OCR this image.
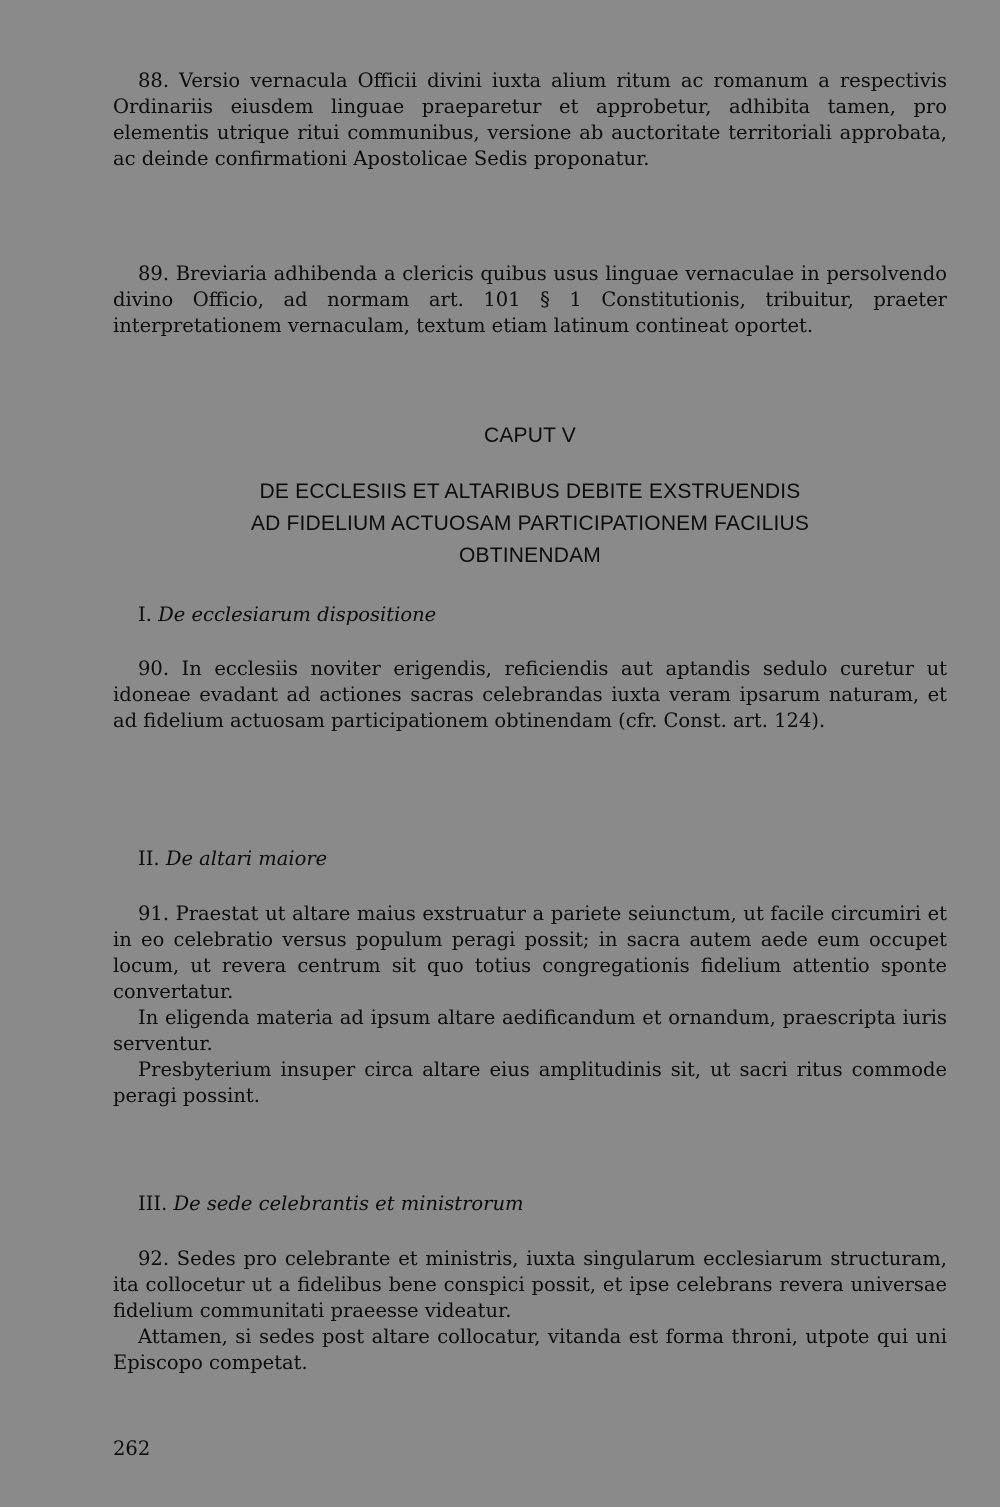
88. Versio vernacula Officii divini iuxta alium ritum ac romanum a respectivis Ordinariis eiusdem linguae praeparetur et approbetur, adhibita tamen, pro elementis utrique ritui communibus, versione ab auctoritate territoriali approbata, ac deinde confirmationi Apostolicae Sedis proponatur.

89. Breviaria adhibenda a clericis quibus usus linguae vernaculae in persolvendo divino Officio, ad normam art. 101 § 1 Constitutionis, tribuitur, praeter interpretationem vernaculam, textum etiam latinum contineat oportet.

CAPUT V
DE ECCLESIIS ET ALTARIBUS DEBITE EXSTRUENDIS
AD FIDELIUM ACTUOSAM PARTICIPATIONEM FACILIUS
OBTINENDAM
I. De ecclesiarum dispositione

90. In ecclesiis noviter erigendis, reficiendis aut aptandis sedulo curetur ut idoneae evadant ad actiones sacras celebrandas iuxta veram ipsarum naturam, et ad fidelium actuosam participationem obtinendam (cfr. Const. art. 124).

II. De altari maiore

91. Praestat ut altare maius exstruatur a pariete seiunctum, ut facile circumiri et in eo celebratio versus populum peragi possit; in sacra autem aede eum occupet locum, ut revera centrum sit quo totius congregationis fidelium attentio sponte convertatur.

In eligenda materia ad ipsum altare aedificandum et ornandum, praescripta iuris serventur.

Presbyterium insuper circa altare eius amplitudinis sit, ut sacri ritus commode peragi possint.

III. De sede celebrantis et ministrorum

92. Sedes pro celebrante et ministris, iuxta singularum ecclesiarum structuram, ita collocetur ut a fidelibus bene conspici possit, et ipse celebrans revera universae fidelium communitati praeesse videatur.

Attamen, si sedes post altare collocatur, vitanda est forma throni, utpote qui uni Episcopo competat.

262
